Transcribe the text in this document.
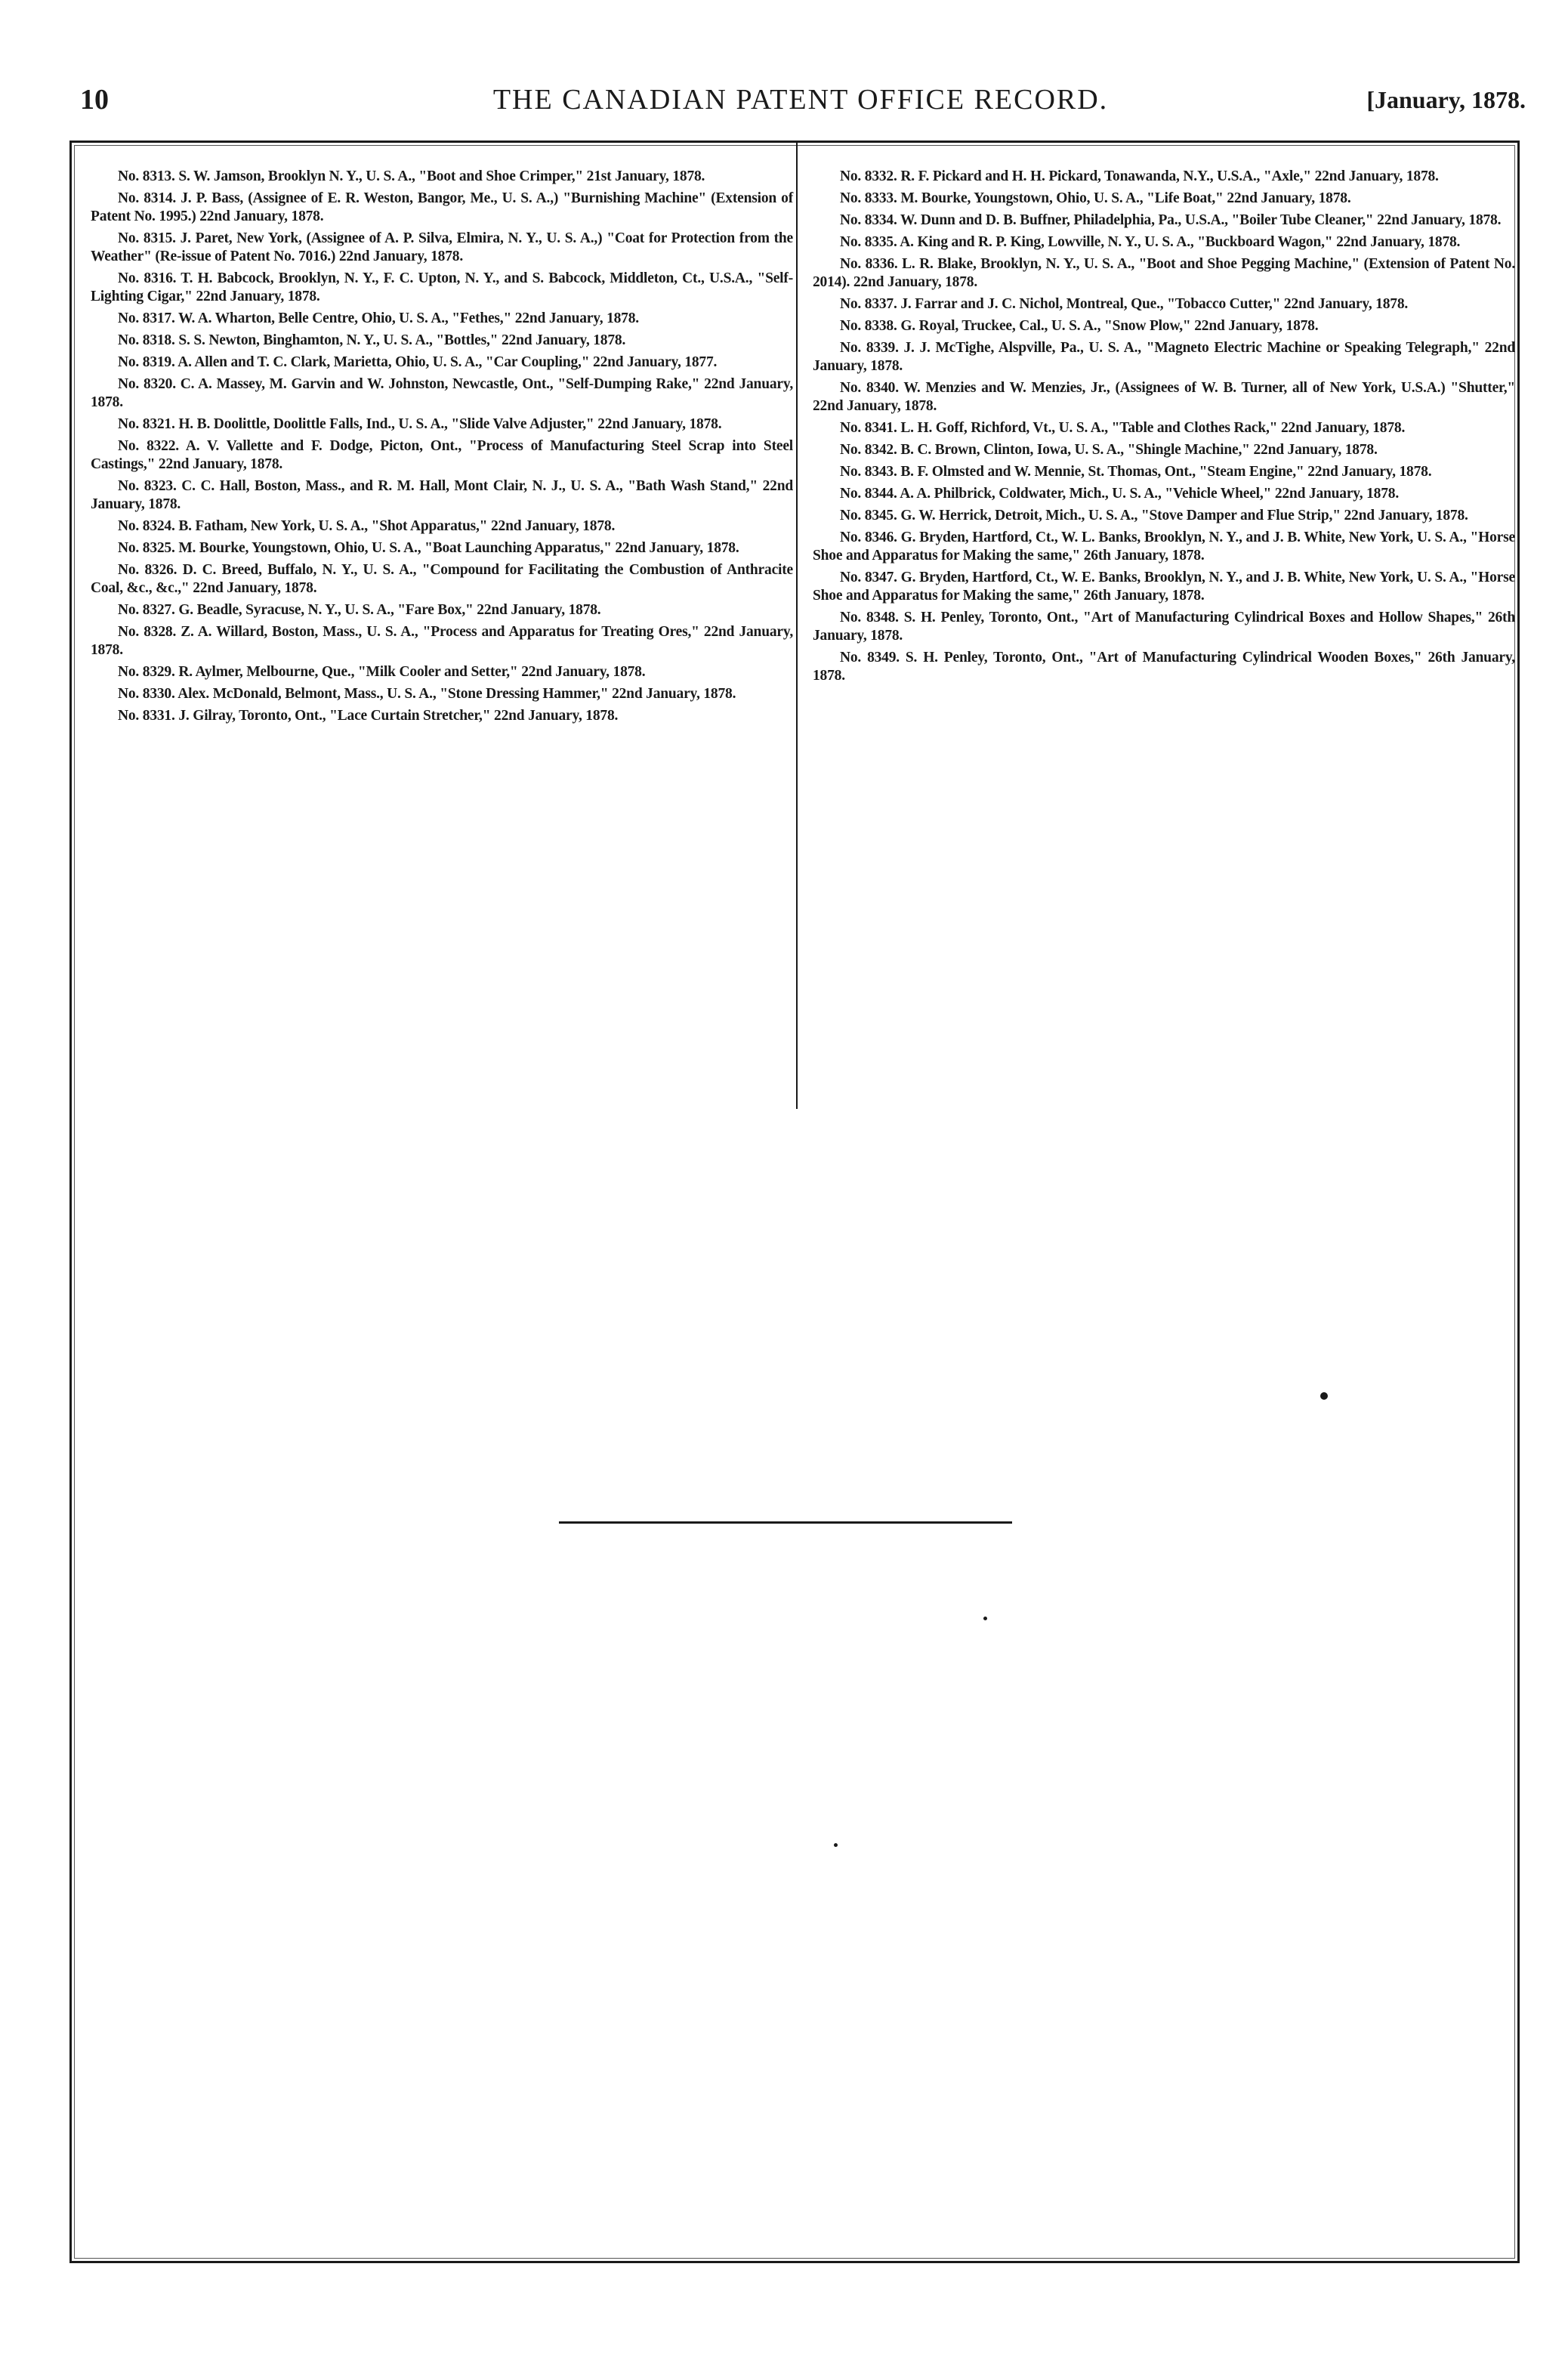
10	THE CANADIAN PATENT OFFICE RECORD.	[January, 1878.

No. 8313. S. W. Jamson, Brooklyn N. Y., U. S. A., "Boot and Shoe Crimper," 21st January, 1878.

No. 8314. J. P. Bass, (Assignee of E. R. Weston, Bangor, Me., U. S. A.,) "Burnishing Machine" (Extension of Patent No. 1995.) 22nd January, 1878.

No. 8315. J. Paret, New York, (Assignee of A. P. Silva, Elmira, N. Y., U. S. A.,) "Coat for Protection from the Weather" (Re-issue of Patent No. 7016.) 22nd January, 1878.

No. 8316. T. H. Babcock, Brooklyn, N. Y., F. C. Upton, N. Y., and S. Babcock, Middleton, Ct., U.S.A., "Self-Lighting Cigar," 22nd January, 1878.

No. 8317. W. A. Wharton, Belle Centre, Ohio, U. S. A., "Fethes," 22nd January, 1878.

No. 8318. S. S. Newton, Binghamton, N. Y., U. S. A., "Bottles," 22nd January, 1878.

No. 8319. A. Allen and T. C. Clark, Marietta, Ohio, U. S. A., "Car Coupling," 22nd January, 1877.

No. 8320. C. A. Massey, M. Garvin and W. Johnston, Newcastle, Ont., "Self-Dumping Rake," 22nd January, 1878.

No. 8321. H. B. Doolittle, Doolittle Falls, Ind., U. S. A., "Slide Valve Adjuster," 22nd January, 1878.

No. 8322. A. V. Vallette and F. Dodge, Picton, Ont., "Process of Manufacturing Steel Scrap into Steel Castings," 22nd January, 1878.

No. 8323. C. C. Hall, Boston, Mass., and R. M. Hall, Mont Clair, N. J., U. S. A., "Bath Wash Stand," 22nd January, 1878.

No. 8324. B. Fatham, New York, U. S. A., "Shot Apparatus," 22nd January, 1878.

No. 8325. M. Bourke, Youngstown, Ohio, U. S. A., "Boat Launching Apparatus," 22nd January, 1878.

No. 8326. D. C. Breed, Buffalo, N. Y., U. S. A., "Compound for Facilitating the Combustion of Anthracite Coal, &c., &c.," 22nd January, 1878.

No. 8327. G. Beadle, Syracuse, N. Y., U. S. A., "Fare Box," 22nd January, 1878.

No. 8328. Z. A. Willard, Boston, Mass., U. S. A., "Process and Apparatus for Treating Ores," 22nd January, 1878.

No. 8329. R. Aylmer, Melbourne, Que., "Milk Cooler and Setter," 22nd January, 1878.

No. 8330. Alex. McDonald, Belmont, Mass., U. S. A., "Stone Dressing Hammer," 22nd January, 1878.

No. 8331. J. Gilray, Toronto, Ont., "Lace Curtain Stretcher," 22nd January, 1878.

No. 8332. R. F. Pickard and H. H. Pickard, Tonawanda, N.Y., U.S.A., "Axle," 22nd January, 1878.

No. 8333. M. Bourke, Youngstown, Ohio, U. S. A., "Life Boat," 22nd January, 1878.

No. 8334. W. Dunn and D. B. Buffner, Philadelphia, Pa., U.S.A., "Boiler Tube Cleaner," 22nd January, 1878.

No. 8335. A. King and R. P. King, Lowville, N. Y., U. S. A., "Buckboard Wagon," 22nd January, 1878.

No. 8336. L. R. Blake, Brooklyn, N. Y., U. S. A., "Boot and Shoe Pegging Machine," (Extension of Patent No. 2014). 22nd January, 1878.

No. 8337. J. Farrar and J. C. Nichol, Montreal, Que., "Tobacco Cutter," 22nd January, 1878.

No. 8338. G. Royal, Truckee, Cal., U. S. A., "Snow Plow," 22nd January, 1878.

No. 8339. J. J. McTighe, Alspville, Pa., U. S. A., "Magneto Electric Machine or Speaking Telegraph," 22nd January, 1878.

No. 8340. W. Menzies and W. Menzies, Jr., (Assignees of W. B. Turner, all of New York, U.S.A.) "Shutter," 22nd January, 1878.

No. 8341. L. H. Goff, Richford, Vt., U. S. A., "Table and Clothes Rack," 22nd January, 1878.

No. 8342. B. C. Brown, Clinton, Iowa, U. S. A., "Shingle Machine," 22nd January, 1878.

No. 8343. B. F. Olmsted and W. Mennie, St. Thomas, Ont., "Steam Engine," 22nd January, 1878.

No. 8344. A. A. Philbrick, Coldwater, Mich., U. S. A., "Vehicle Wheel," 22nd January, 1878.

No. 8345. G. W. Herrick, Detroit, Mich., U. S. A., "Stove Damper and Flue Strip," 22nd January, 1878.

No. 8346. G. Bryden, Hartford, Ct., W. L. Banks, Brooklyn, N. Y., and J. B. White, New York, U. S. A., "Horse Shoe and Apparatus for Making the same," 26th January, 1878.

No. 8347. G. Bryden, Hartford, Ct., W. E. Banks, Brooklyn, N. Y., and J. B. White, New York, U. S. A., "Horse Shoe and Apparatus for Making the same," 26th January, 1878.

No. 8348. S. H. Penley, Toronto, Ont., "Art of Manufacturing Cylindrical Boxes and Hollow Shapes," 26th January, 1878.

No. 8349. S. H. Penley, Toronto, Ont., "Art of Manufacturing Cylindrical Wooden Boxes," 26th January, 1878.
